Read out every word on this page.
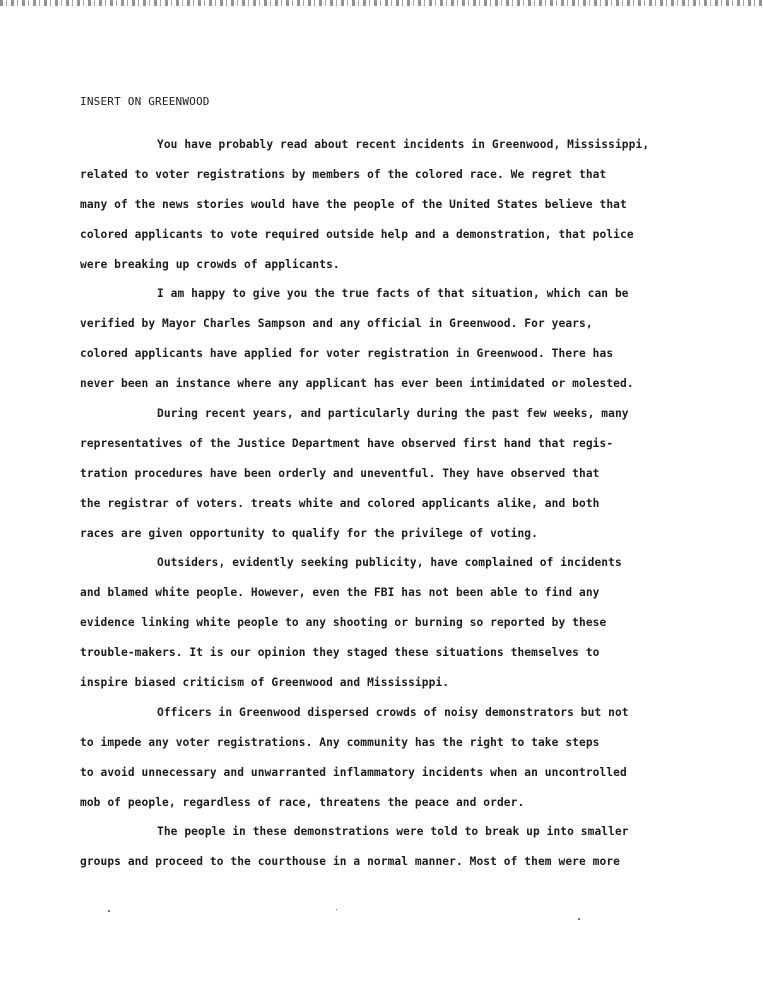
INSERT ON GREENWOOD
You have probably read about recent incidents in Greenwood, Mississippi,
related to voter registrations by members of the colored race. We regret that
many of the news stories would have the people of the United States believe that
colored applicants to vote required outside help and a demonstration, that police
were breaking up crowds of applicants.
I am happy to give you the true facts of that situation, which can be
verified by Mayor Charles Sampson and any official in Greenwood. For years,
colored applicants have applied for voter registration in Greenwood. There has
never been an instance where any applicant has ever been intimidated or molested.
During recent years, and particularly during the past few weeks, many
representatives of the Justice Department have observed first hand that regis-
tration procedures have been orderly and uneventful. They have observed that
the registrar of voters. treats white and colored applicants alike, and both
races are given opportunity to qualify for the privilege of voting.
Outsiders, evidently seeking publicity, have complained of incidents
and blamed white people. However, even the FBI has not been able to find any
evidence linking white people to any shooting or burning so reported by these
trouble-makers. It is our opinion they staged these situations themselves to
inspire biased criticism of Greenwood and Mississippi.
Officers in Greenwood dispersed crowds of noisy demonstrators but not
to impede any voter registrations. Any community has the right to take steps
to avoid unnecessary and unwarranted inflammatory incidents when an uncontrolled
mob of people, regardless of race, threatens the peace and order.
The people in these demonstrations were told to break up into smaller
groups and proceed to the courthouse in a normal manner. Most of them were more
